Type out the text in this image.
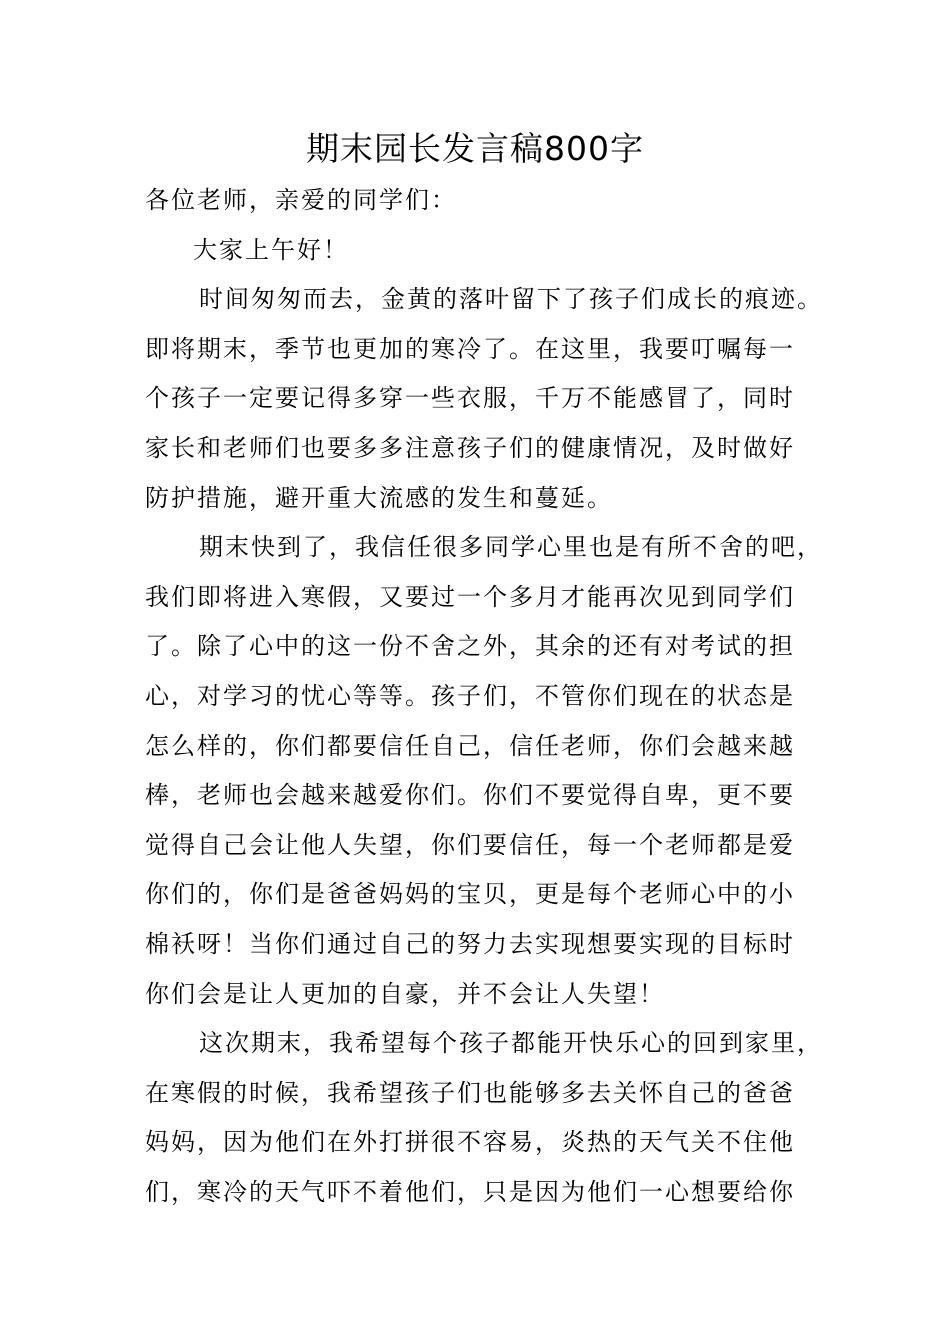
期末园长发言稿800字

各位老师，亲爱的同学们：

大家上午好！

时间匆匆而去，金黄的落叶留下了孩子们成长的痕迹。
即将期末，季节也更加的寒冷了。在这里，我要叮嘱每一
个孩子一定要记得多穿一些衣服，千万不能感冒了，同时
家长和老师们也要多多注意孩子们的健康情况，及时做好
防护措施，避开重大流感的发生和蔓延。

期末快到了，我信任很多同学心里也是有所不舍的吧，
我们即将进入寒假，又要过一个多月才能再次见到同学们
了。除了心中的这一份不舍之外，其余的还有对考试的担
心，对学习的忧心等等。孩子们，不管你们现在的状态是
怎么样的，你们都要信任自己，信任老师，你们会越来越
棒，老师也会越来越爱你们。你们不要觉得自卑，更不要
觉得自己会让他人失望，你们要信任，每一个老师都是爱
你们的，你们是爸爸妈妈的宝贝，更是每个老师心中的小
棉袄呀！当你们通过自己的努力去实现想要实现的目标时
你们会是让人更加的自豪，并不会让人失望！

这次期末，我希望每个孩子都能开快乐心的回到家里，
在寒假的时候，我希望孩子们也能够多去关怀自己的爸爸
妈妈，因为他们在外打拼很不容易，炎热的天气关不住他
们，寒冷的天气吓不着他们，只是因为他们一心想要给你
